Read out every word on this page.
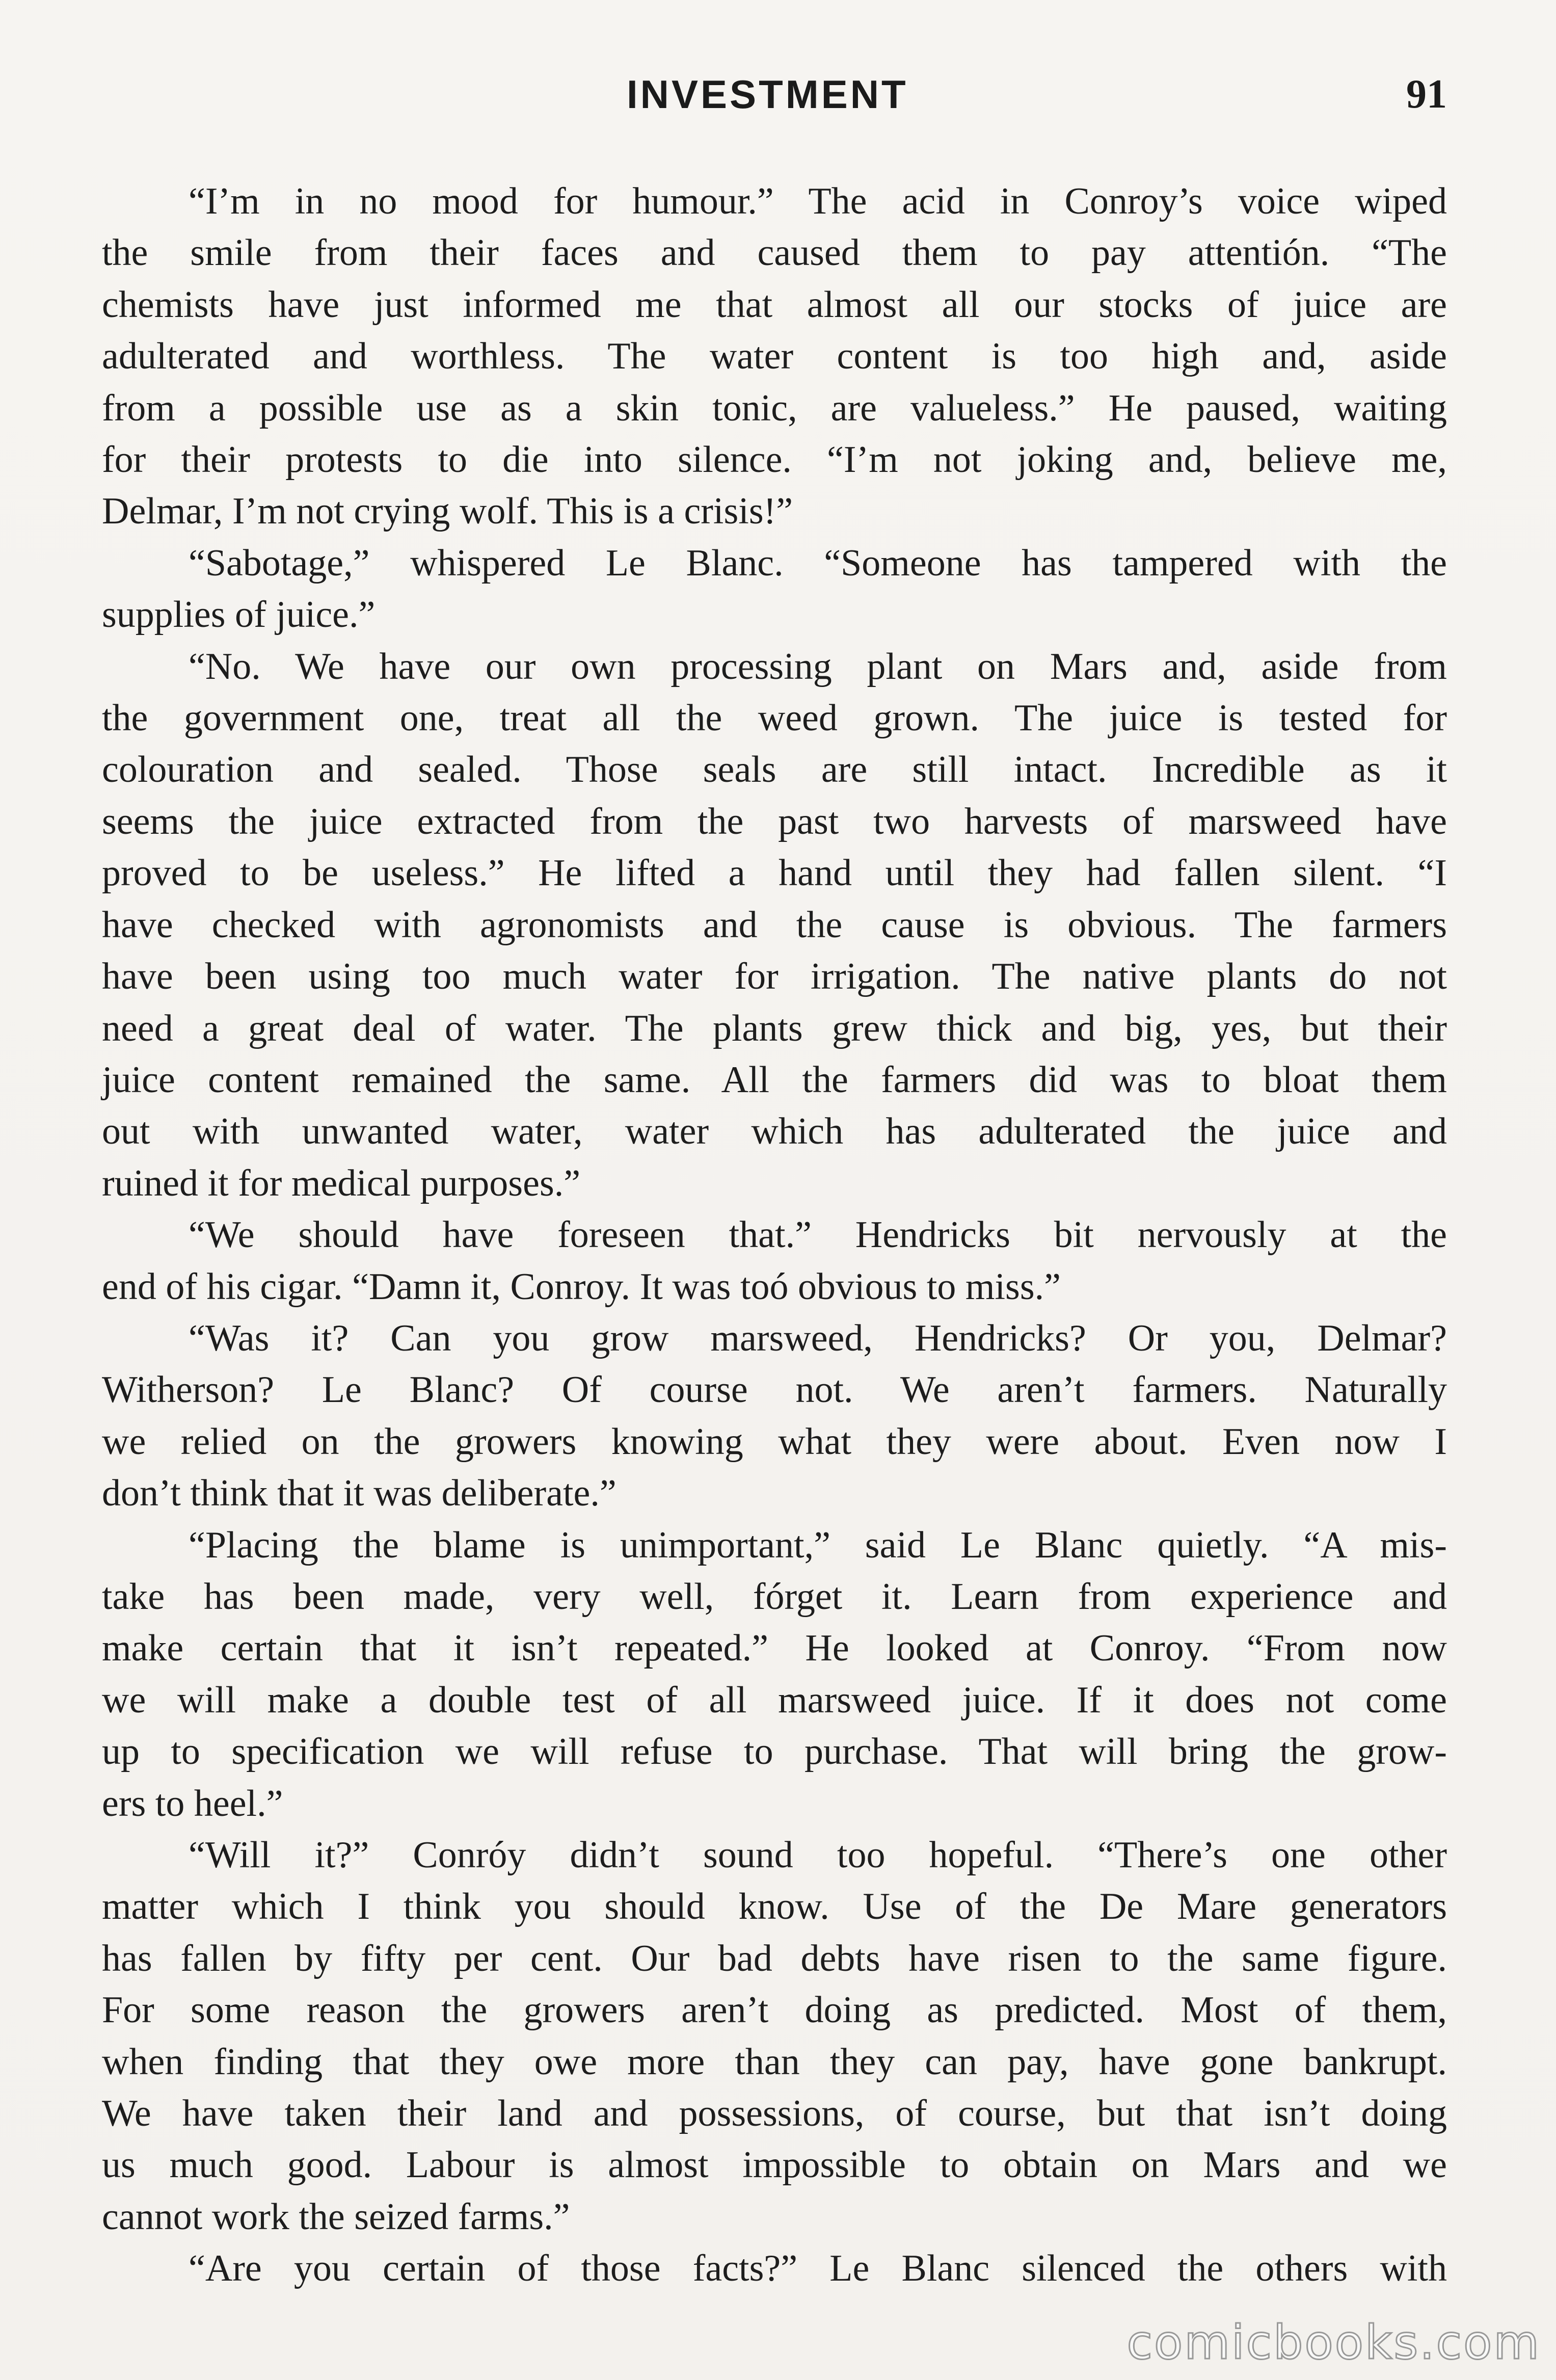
INVESTMENT	91
“I’m in no mood for humour.” The acid in Conroy’s voice wiped
the smile from their faces and caused them to pay attentión. “The
chemists have just informed me that almost all our stocks of juice are
adulterated and worthless. The water content is too high and, aside
from a possible use as a skin tonic, are valueless.” He paused, waiting
for their protests to die into silence. “I’m not joking and, believe me,
Delmar, I’m not crying wolf. This is a crisis!”
“Sabotage,” whispered Le Blanc. “Someone has tampered with the
supplies of juice.”
“No. We have our own processing plant on Mars and, aside from
the government one, treat all the weed grown. The juice is tested for
colouration and sealed. Those seals are still intact. Incredible as it
seems the juice extracted from the past two harvests of marsweed have
proved to be useless.” He lifted a hand until they had fallen silent. “I
have checked with agronomists and the cause is obvious. The farmers
have been using too much water for irrigation. The native plants do not
need a great deal of water. The plants grew thick and big, yes, but their
juice content remained the same. All the farmers did was to bloat them
out with unwanted water, water which has adulterated the juice and
ruined it for medical purposes.”
“We should have foreseen that.” Hendricks bit nervously at the
end of his cigar. “Damn it, Conroy. It was toó obvious to miss.”
“Was it? Can you grow marsweed, Hendricks? Or you, Delmar?
Witherson? Le Blanc? Of course not. We aren’t farmers. Naturally
we relied on the growers knowing what they were about. Even now I
don’t think that it was deliberate.”
“Placing the blame is unimportant,” said Le Blanc quietly. “A mis-
take has been made, very well, fórget it. Learn from experience and
make certain that it isn’t repeated.” He looked at Conroy. “From now
we will make a double test of all marsweed juice. If it does not come
up to specification we will refuse to purchase. That will bring the grow-
ers to heel.”
“Will it?” Conróy didn’t sound too hopeful. “There’s one other
matter which I think you should know. Use of the De Mare generators
has fallen by fifty per cent. Our bad debts have risen to the same figure.
For some reason the growers aren’t doing as predicted. Most of them,
when finding that they owe more than they can pay, have gone bankrupt.
We have taken their land and possessions, of course, but that isn’t doing
us much good. Labour is almost impossible to obtain on Mars and we
cannot work the seized farms.”
“Are you certain of those facts?” Le Blanc silenced the others with
comicbooks.com
